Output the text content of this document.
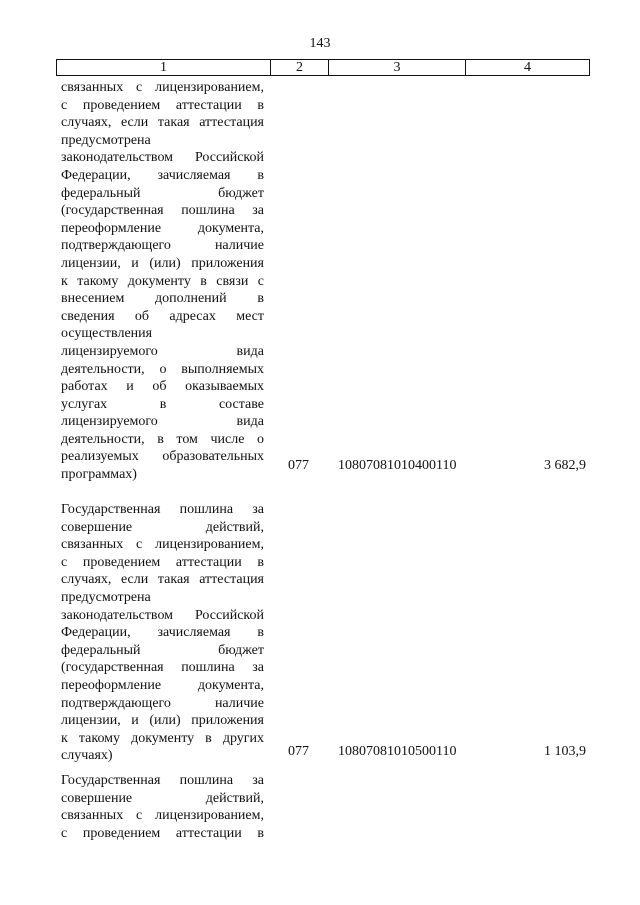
143
1	2	3	4
связанных с лицензированием,
с проведением аттестации в
случаях, если такая аттестация
предусмотрена
законодательством Российской
Федерации, зачисляемая в
федеральный бюджет
(государственная пошлина за
переоформление документа,
подтверждающего наличие
лицензии, и (или) приложения
к такому документу в связи с
внесением дополнений в
сведения об адресах мест
осуществления
лицензируемого вида
деятельности, о выполняемых
работах и об оказываемых
услугах в составе
лицензируемого вида
деятельности, в том числе о
реализуемых образовательных
программах)
077 10807081010400110	3 682,9
Государственная пошлина за
совершение действий,
связанных с лицензированием,
с проведением аттестации в
случаях, если такая аттестация
предусмотрена
законодательством Российской
Федерации, зачисляемая в
федеральный бюджет
(государственная пошлина за
переоформление документа,
подтверждающего наличие
лицензии, и (или) приложения
к такому документу в других
случаях)	077 10807081010500110	1 103,9
Государственная пошлина за
совершение действий,
связанных с лицензированием,
с проведением аттестации в
